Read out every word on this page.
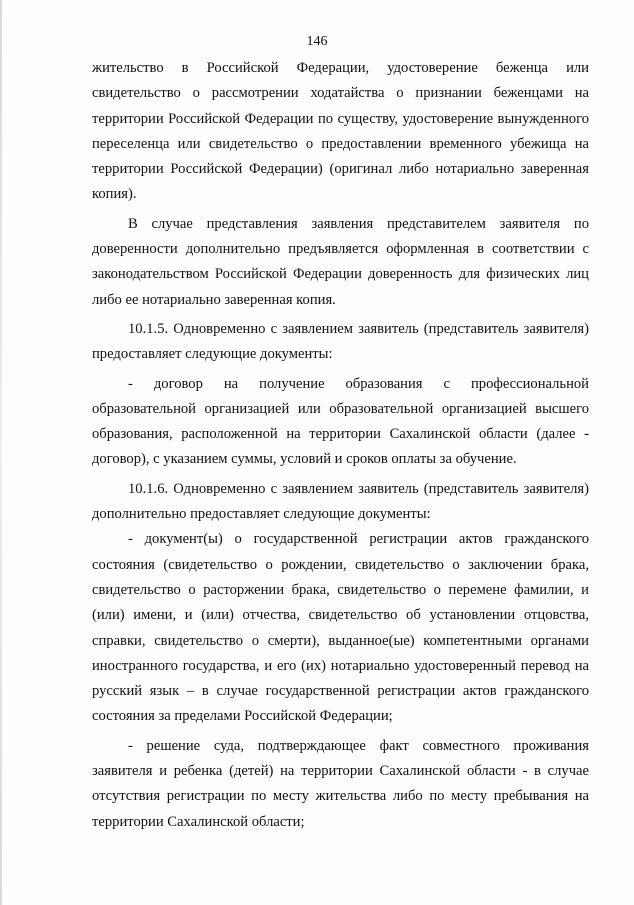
146

жительство в Российской Федерации, удостоверение беженца или свидетельство о рассмотрении ходатайства о признании беженцами на территории Российской Федерации по существу, удостоверение вынужденного переселенца или свидетельство о предоставлении временного убежища на территории Российской Федерации) (оригинал либо нотариально заверенная копия).

В случае представления заявления представителем заявителя по доверенности дополнительно предъявляется оформленная в соответствии с законодательством Российской Федерации доверенность для физических лиц либо ее нотариально заверенная копия.

10.1.5. Одновременно с заявлением заявитель (представитель заявителя) предоставляет следующие документы:

- договор на получение образования с профессиональной образовательной организацией или образовательной организацией высшего образования, расположенной на территории Сахалинской области (далее - договор), с указанием суммы, условий и сроков оплаты за обучение.

10.1.6. Одновременно с заявлением заявитель (представитель заявителя) дополнительно предоставляет следующие документы:

- документ(ы) о государственной регистрации актов гражданского состояния (свидетельство о рождении, свидетельство о заключении брака, свидетельство о расторжении брака, свидетельство о перемене фамилии, и (или) имени, и (или) отчества, свидетельство об установлении отцовства, справки, свидетельство о смерти), выданное(ые) компетентными органами иностранного государства, и его (их) нотариально удостоверенный перевод на русский язык – в случае государственной регистрации актов гражданского состояния за пределами Российской Федерации;

- решение суда, подтверждающее факт совместного проживания заявителя и ребенка (детей) на территории Сахалинской области - в случае отсутствия регистрации по месту жительства либо по месту пребывания на территории Сахалинской области;
